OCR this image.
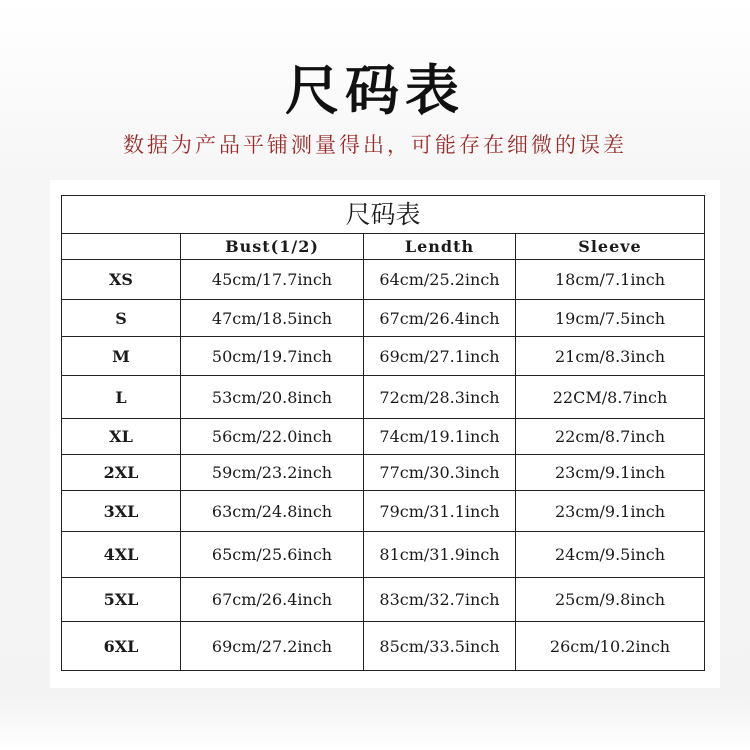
尺码表
数据为产品平铺测量得出，可能存在细微的误差
尺码表			
	Bust(1/2)	Lendth	Sleeve
XS	45cm/17.7inch	64cm/25.2inch	18cm/7.1inch
S	47cm/18.5inch	67cm/26.4inch	19cm/7.5inch
M	50cm/19.7inch	69cm/27.1inch	21cm/8.3inch
L	53cm/20.8inch	72cm/28.3inch	22CM/8.7inch
XL	56cm/22.0inch	74cm/19.1inch	22cm/8.7inch
2XL	59cm/23.2inch	77cm/30.3inch	23cm/9.1inch
3XL	63cm/24.8inch	79cm/31.1inch	23cm/9.1inch
4XL	65cm/25.6inch	81cm/31.9inch	24cm/9.5inch
5XL	67cm/26.4inch	83cm/32.7inch	25cm/9.8inch
6XL	69cm/27.2inch	85cm/33.5inch	26cm/10.2inch
